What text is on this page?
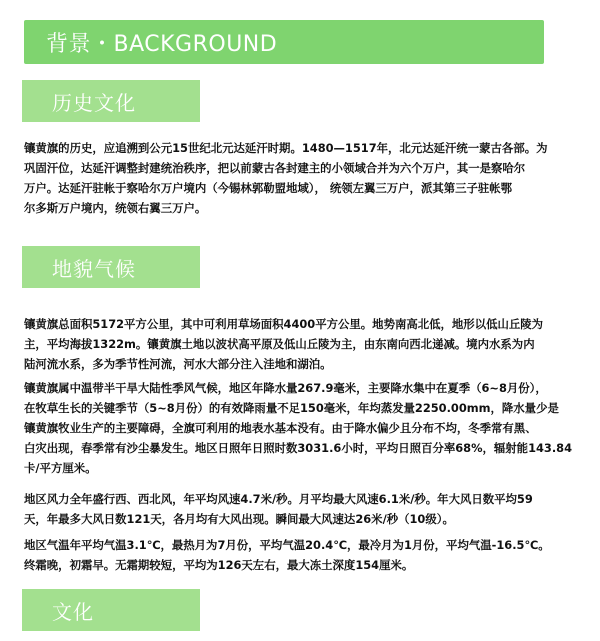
背景・BACKGROUND
历史文化

镶黄旗的历史，应追溯到公元15世纪北元达延汗时期。1480—1517年，北元达延汗统一蒙古各部。为
巩固汗位，达延汗调整封建统治秩序，把以前蒙古各封建主的小领域合并为六个万户，其一是察哈尔
万户。达延汗驻帐于察哈尔万户境内（今锡林郭勒盟地域）， 统领左翼三万户，派其第三子驻帐鄂
尔多斯万户境内，统领右翼三万户。

地貌气候

镶黄旗总面积5172平方公里，其中可利用草场面积4400平方公里。地势南高北低，地形以低山丘陵为
主，平均海拔1322m。镶黄旗土地以波状高平原及低山丘陵为主，由东南向西北递减。境内水系为内
陆河流水系，多为季节性河流，河水大部分注入洼地和湖泊。

镶黄旗属中温带半干旱大陆性季风气候，地区年降水量267.9毫米，主要降水集中在夏季（6~8月份），
在牧草生长的关键季节（5~8月份）的有效降雨量不足150毫米，年均蒸发量2250.00mm，降水量少是
镶黄旗牧业生产的主要障碍，全旗可利用的地表水基本没有。由于降水偏少且分布不均，冬季常有黑、
白灾出现，春季常有沙尘暴发生。地区日照年日照时数3031.6小时，平均日照百分率68%，辐射能143.84
卡/平方厘米。

地区风力全年盛行西、西北风，年平均风速4.7米/秒。月平均最大风速6.1米/秒。年大风日数平均59
天，年最多大风日数121天，各月均有大风出现。瞬间最大风速达26米/秒（10级）。

地区气温年平均气温3.1℃，最热月为7月份，平均气温20.4℃，最冷月为1月份，平均气温-16.5℃。
终霜晚，初霜早。无霜期较短，平均为126天左右，最大冻土深度154厘米。

文化
